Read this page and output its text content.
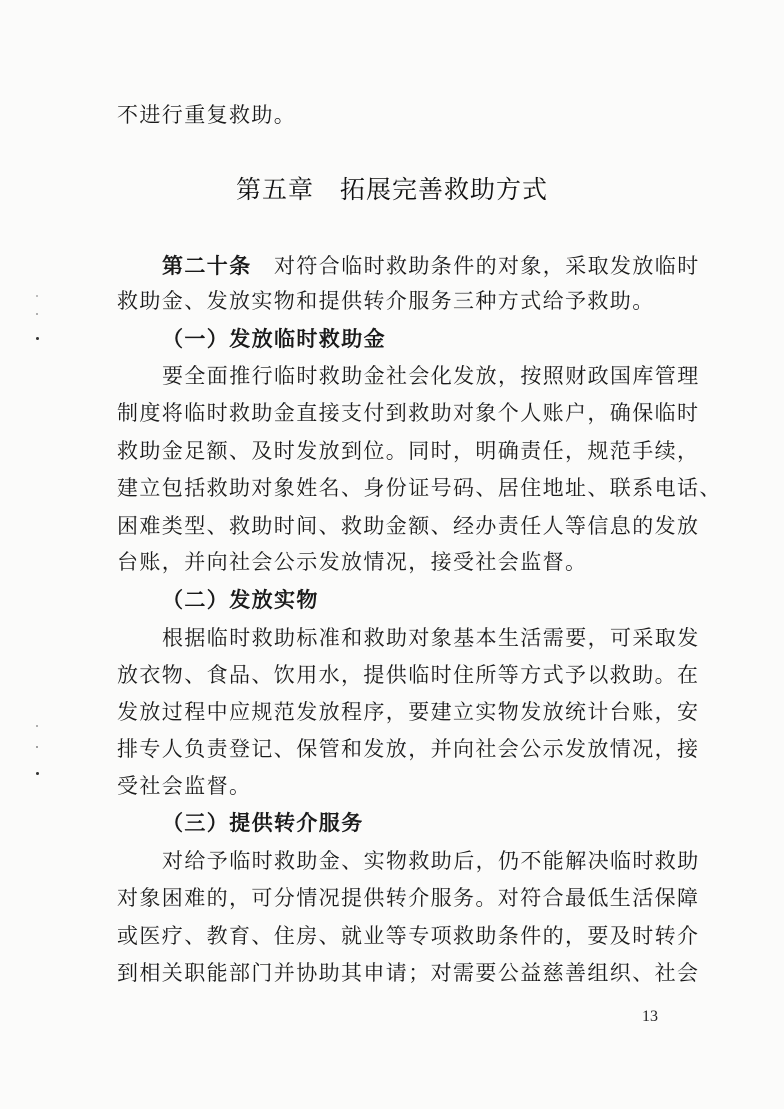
不进行重复救助。
第五章　拓展完善救助方式
第二十条　对符合临时救助条件的对象，采取发放临时
救助金、发放实物和提供转介服务三种方式给予救助。
（一）发放临时救助金
要全面推行临时救助金社会化发放，按照财政国库管理
制度将临时救助金直接支付到救助对象个人账户，确保临时
救助金足额、及时发放到位。同时，明确责任，规范手续，
建立包括救助对象姓名、身份证号码、居住地址、联系电话、
困难类型、救助时间、救助金额、经办责任人等信息的发放
台账，并向社会公示发放情况，接受社会监督。
（二）发放实物
根据临时救助标准和救助对象基本生活需要，可采取发
放衣物、食品、饮用水，提供临时住所等方式予以救助。在
发放过程中应规范发放程序，要建立实物发放统计台账，安
排专人负责登记、保管和发放，并向社会公示发放情况，接
受社会监督。
（三）提供转介服务
对给予临时救助金、实物救助后，仍不能解决临时救助
对象困难的，可分情况提供转介服务。对符合最低生活保障
或医疗、教育、住房、就业等专项救助条件的，要及时转介
到相关职能部门并协助其申请；对需要公益慈善组织、社会
13
